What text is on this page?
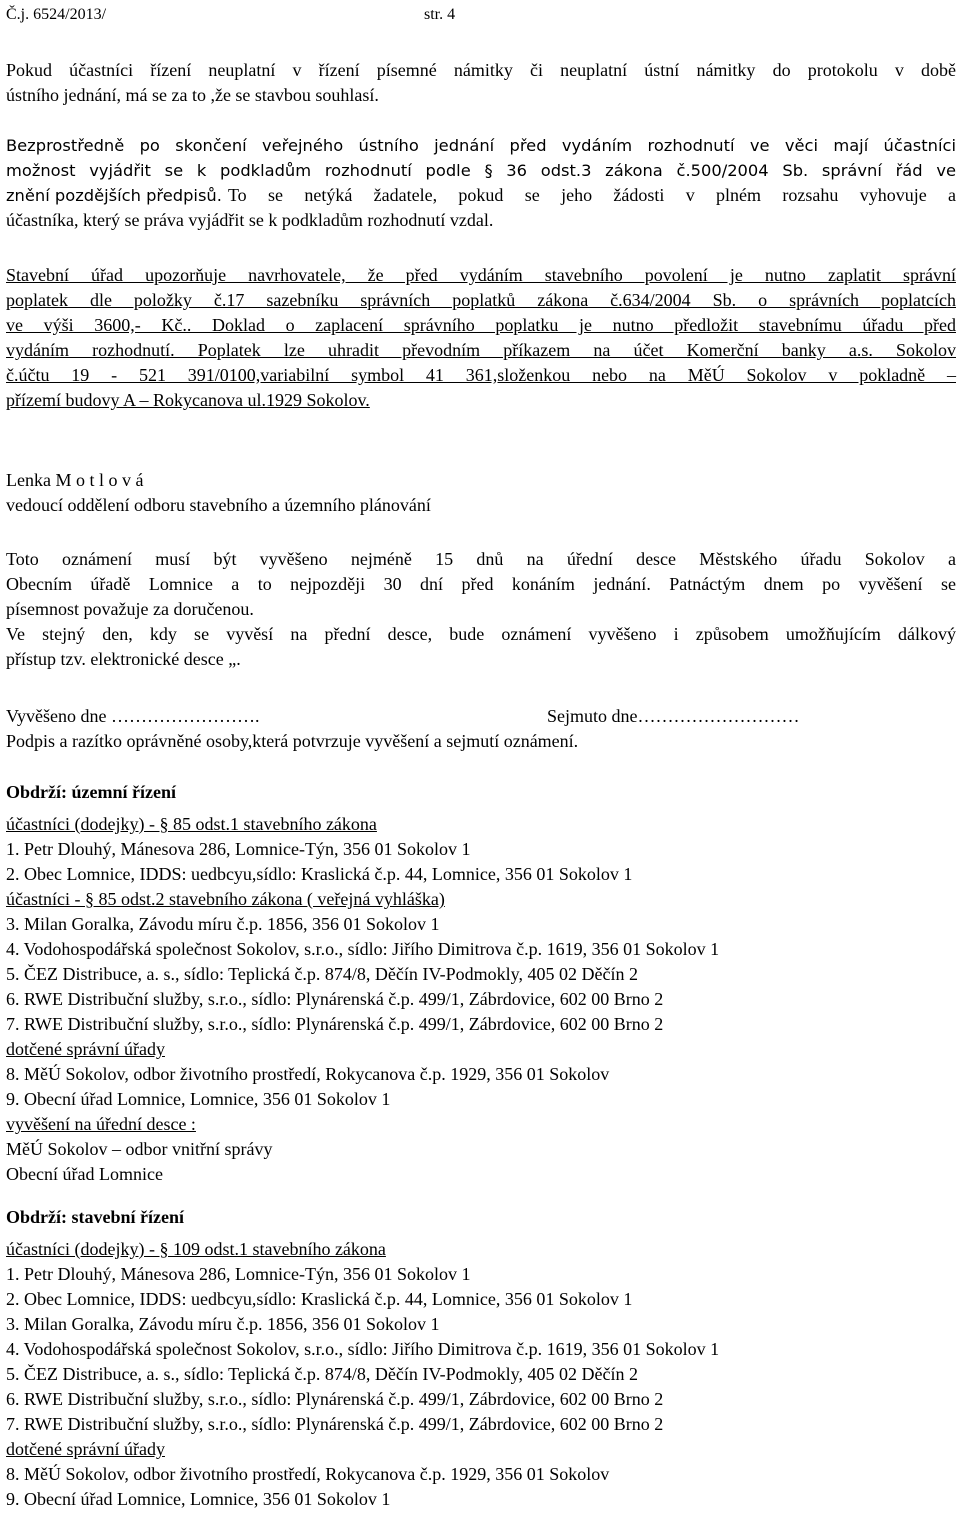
Č.j. 6524/2013/	str. 4
Pokud účastníci řízení neuplatní v řízení písemné námitky či neuplatní ústní námitky do protokolu v době
ústního jednání, má se za to ,že se stavbou souhlasí.
Bezprostředně po skončení veřejného ústního jednání před vydáním rozhodnutí ve věci mají účastníci
možnost vyjádřit se k podkladům rozhodnutí podle § 36 odst.3 zákona č.500/2004 Sb. správní řád ve
znění pozdějších předpisů. To se netýká žadatele, pokud se jeho žádosti v plném rozsahu vyhovuje a
účastníka, který se práva vyjádřit se k podkladům rozhodnutí vzdal.
Stavební úřad upozorňuje navrhovatele, že před vydáním stavebního povolení je nutno zaplatit správní
poplatek dle položky č.17 sazebníku správních poplatků zákona č.634/2004 Sb. o správních poplatcích
ve výši 3600,- Kč.. Doklad o zaplacení správního poplatku je nutno předložit stavebnímu úřadu před
vydáním rozhodnutí. Poplatek lze uhradit převodním příkazem na účet Komerční banky a.s. Sokolov
č.účtu 19 - 521 391/0100,variabilní symbol 41 361,složenkou nebo na MěÚ Sokolov v pokladně –
přízemí budovy A – Rokycanova ul.1929 Sokolov.
Lenka M o t l o v á
vedoucí oddělení odboru stavebního a územního plánování
Toto oznámení musí být vyvěšeno nejméně 15 dnů na úřední desce Městského úřadu Sokolov a
Obecním úřadě Lomnice a to nejpozději 30 dní před konáním jednání. Patnáctým dnem po vyvěšení se
písemnost považuje za doručenou.
Ve stejný den, kdy se vyvěsí na přední desce, bude oznámení vyvěšeno i způsobem umožňujícím dálkový
přístup tzv. elektronické desce „.
Vyvěšeno dne …………………….	Sejmuto dne………………………
Podpis a razítko oprávněné osoby,která potvrzuje vyvěšení a sejmutí oznámení.
Obdrží: územní řízení
účastníci (dodejky) - § 85 odst.1 stavebního zákona
1. Petr Dlouhý, Mánesova 286, Lomnice-Týn, 356 01 Sokolov 1
2. Obec Lomnice, IDDS: uedbcyu,sídlo: Kraslická č.p. 44, Lomnice, 356 01 Sokolov 1
účastníci - § 85 odst.2 stavebního zákona ( veřejná vyhláška)
3. Milan Goralka, Závodu míru č.p. 1856, 356 01 Sokolov 1
4. Vodohospodářská společnost Sokolov, s.r.o., sídlo: Jiřího Dimitrova č.p. 1619, 356 01 Sokolov 1
5. ČEZ Distribuce, a. s., sídlo: Teplická č.p. 874/8, Děčín IV-Podmokly, 405 02 Děčín 2
6. RWE Distribuční služby, s.r.o., sídlo: Plynárenská č.p. 499/1, Zábrdovice, 602 00 Brno 2
7. RWE Distribuční služby, s.r.o., sídlo: Plynárenská č.p. 499/1, Zábrdovice, 602 00 Brno 2
dotčené správní úřady
8. MěÚ Sokolov, odbor životního prostředí, Rokycanova č.p. 1929, 356 01 Sokolov
9. Obecní úřad Lomnice, Lomnice, 356 01 Sokolov 1
vyvěšení na úřední desce :
MěÚ Sokolov – odbor vnitřní správy
Obecní úřad Lomnice
Obdrží: stavební řízení
účastníci (dodejky) - § 109 odst.1 stavebního zákona
1. Petr Dlouhý, Mánesova 286, Lomnice-Týn, 356 01 Sokolov 1
2. Obec Lomnice, IDDS: uedbcyu,sídlo: Kraslická č.p. 44, Lomnice, 356 01 Sokolov 1
3. Milan Goralka, Závodu míru č.p. 1856, 356 01 Sokolov 1
4. Vodohospodářská společnost Sokolov, s.r.o., sídlo: Jiřího Dimitrova č.p. 1619, 356 01 Sokolov 1
5. ČEZ Distribuce, a. s., sídlo: Teplická č.p. 874/8, Děčín IV-Podmokly, 405 02 Děčín 2
6. RWE Distribuční služby, s.r.o., sídlo: Plynárenská č.p. 499/1, Zábrdovice, 602 00 Brno 2
7. RWE Distribuční služby, s.r.o., sídlo: Plynárenská č.p. 499/1, Zábrdovice, 602 00 Brno 2
dotčené správní úřady
8. MěÚ Sokolov, odbor životního prostředí, Rokycanova č.p. 1929, 356 01 Sokolov
9. Obecní úřad Lomnice, Lomnice, 356 01 Sokolov 1
